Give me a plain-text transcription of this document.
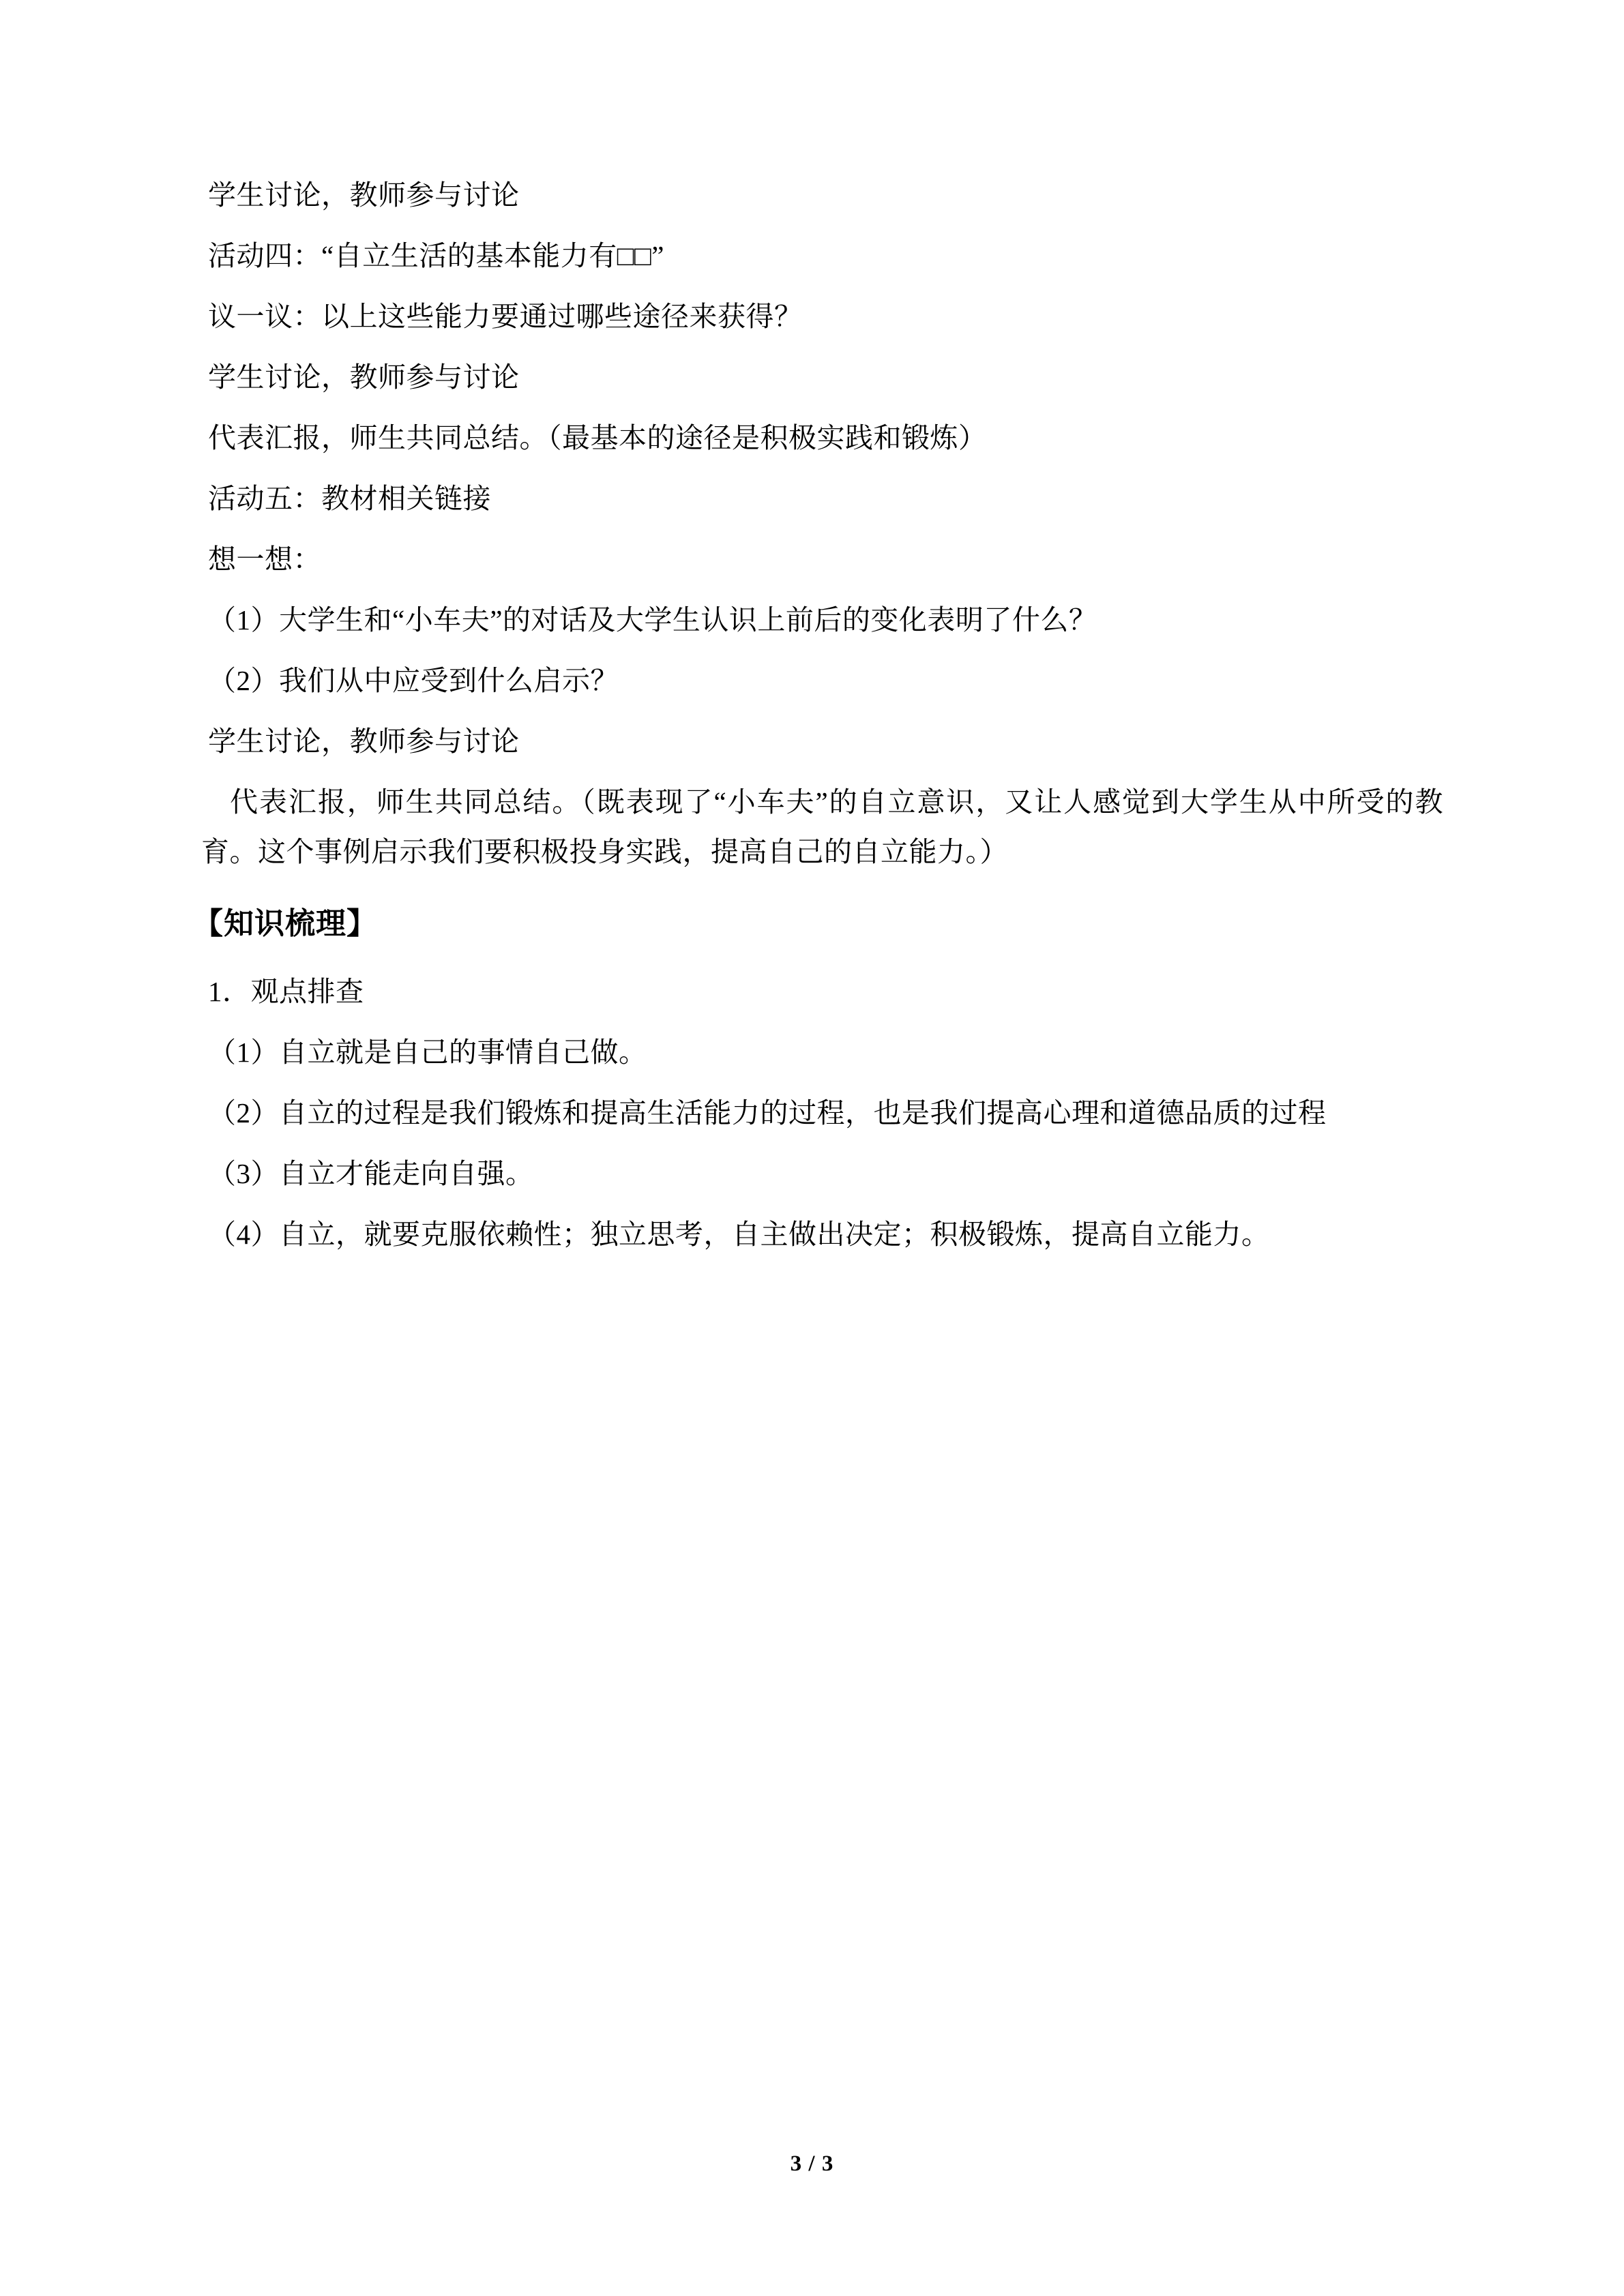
学生讨论，教师参与讨论

活动四：“自立生活的基本能力有□□”

议一议：以上这些能力要通过哪些途径来获得？

学生讨论，教师参与讨论

代表汇报，师生共同总结。（最基本的途径是积极实践和锻炼）

活动五：教材相关链接

想一想：

（1）大学生和“小车夫”的对话及大学生认识上前后的变化表明了什么？

（2）我们从中应受到什么启示？

学生讨论，教师参与讨论

代表汇报，师生共同总结。（既表现了“小车夫”的自立意识，又让人感觉到大学生从中所受的教育。这个事例启示我们要积极投身实践，提高自己的自立能力。）

【知识梳理】

1．观点排查

（1）自立就是自己的事情自己做。

（2）自立的过程是我们锻炼和提高生活能力的过程，也是我们提高心理和道德品质的过程

（3）自立才能走向自强。

（4）自立，就要克服依赖性；独立思考，自主做出决定；积极锻炼，提高自立能力。

3 / 3
